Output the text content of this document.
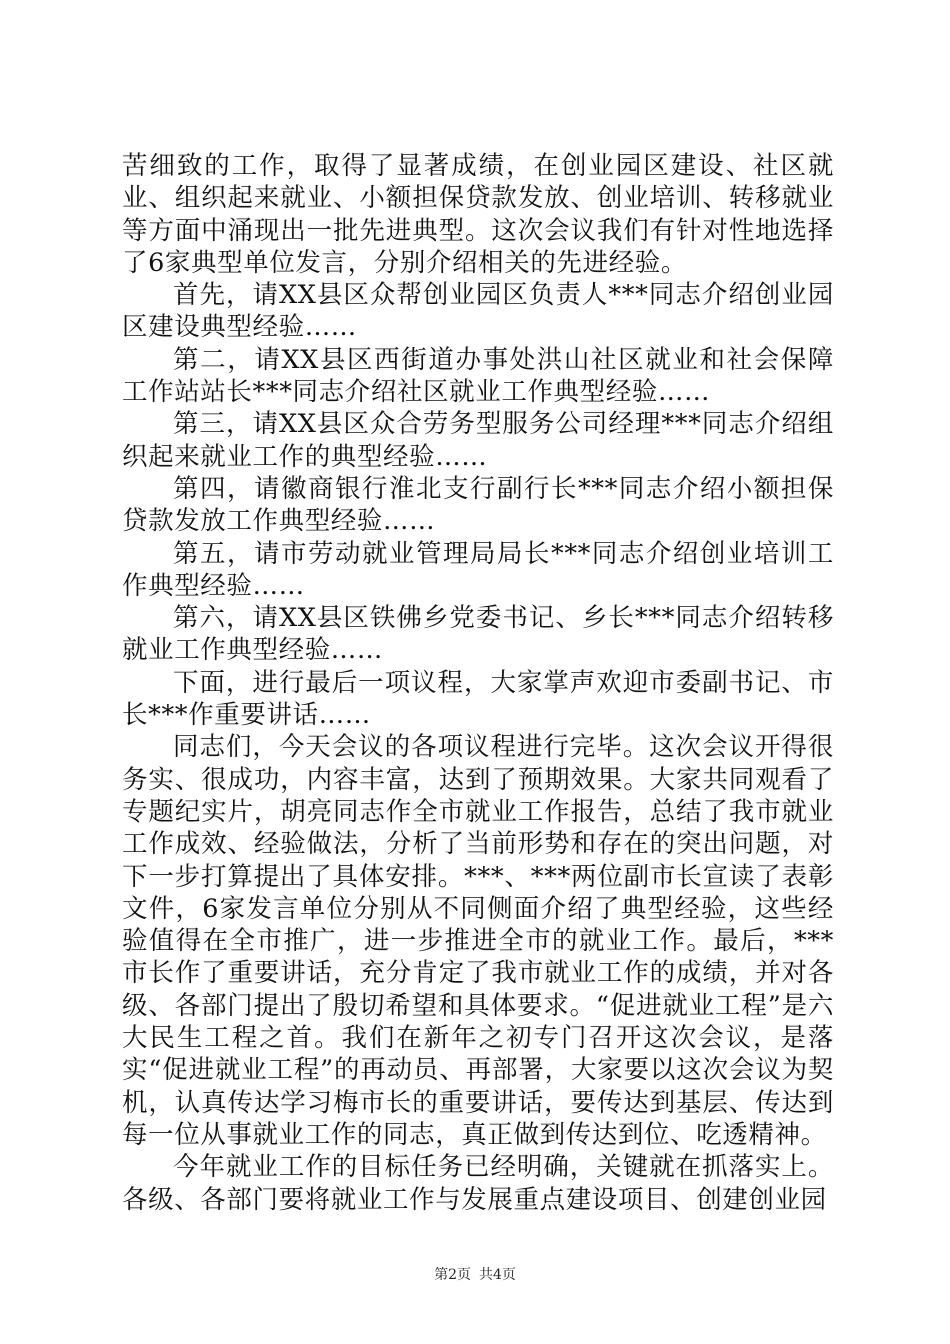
苦细致的工作，取得了显著成绩，在创业园区建设、社区就业、组织起来就业、小额担保贷款发放、创业培训、转移就业等方面中涌现出一批先进典型。这次会议我们有针对性地选择了6家典型单位发言，分别介绍相关的先进经验。

首先，请XX县区众帮创业园区负责人***同志介绍创业园区建设典型经验……

第二，请XX县区西街道办事处洪山社区就业和社会保障工作站站长***同志介绍社区就业工作典型经验……

第三，请XX县区众合劳务型服务公司经理***同志介绍组织起来就业工作的典型经验……

第四，请徽商银行淮北支行副行长***同志介绍小额担保贷款发放工作典型经验……

第五，请市劳动就业管理局局长***同志介绍创业培训工作典型经验……

第六，请XX县区铁佛乡党委书记、乡长***同志介绍转移就业工作典型经验……

下面，进行最后一项议程，大家掌声欢迎市委副书记、市长***作重要讲话……

同志们，今天会议的各项议程进行完毕。这次会议开得很务实、很成功，内容丰富，达到了预期效果。大家共同观看了专题纪实片，胡亮同志作全市就业工作报告，总结了我市就业工作成效、经验做法，分析了当前形势和存在的突出问题，对下一步打算提出了具体安排。***、***两位副市长宣读了表彰文件，6家发言单位分别从不同侧面介绍了典型经验，这些经验值得在全市推广，进一步推进全市的就业工作。最后，***市长作了重要讲话，充分肯定了我市就业工作的成绩，并对各级、各部门提出了殷切希望和具体要求。“促进就业工程”是六大民生工程之首。我们在新年之初专门召开这次会议，是落实“促进就业工程”的再动员、再部署，大家要以这次会议为契机，认真传达学习梅市长的重要讲话，要传达到基层、传达到每一位从事就业工作的同志，真正做到传达到位、吃透精神。

今年就业工作的目标任务已经明确，关键就在抓落实上。各级、各部门要将就业工作与发展重点建设项目、创建创业园

第2页 共4页
